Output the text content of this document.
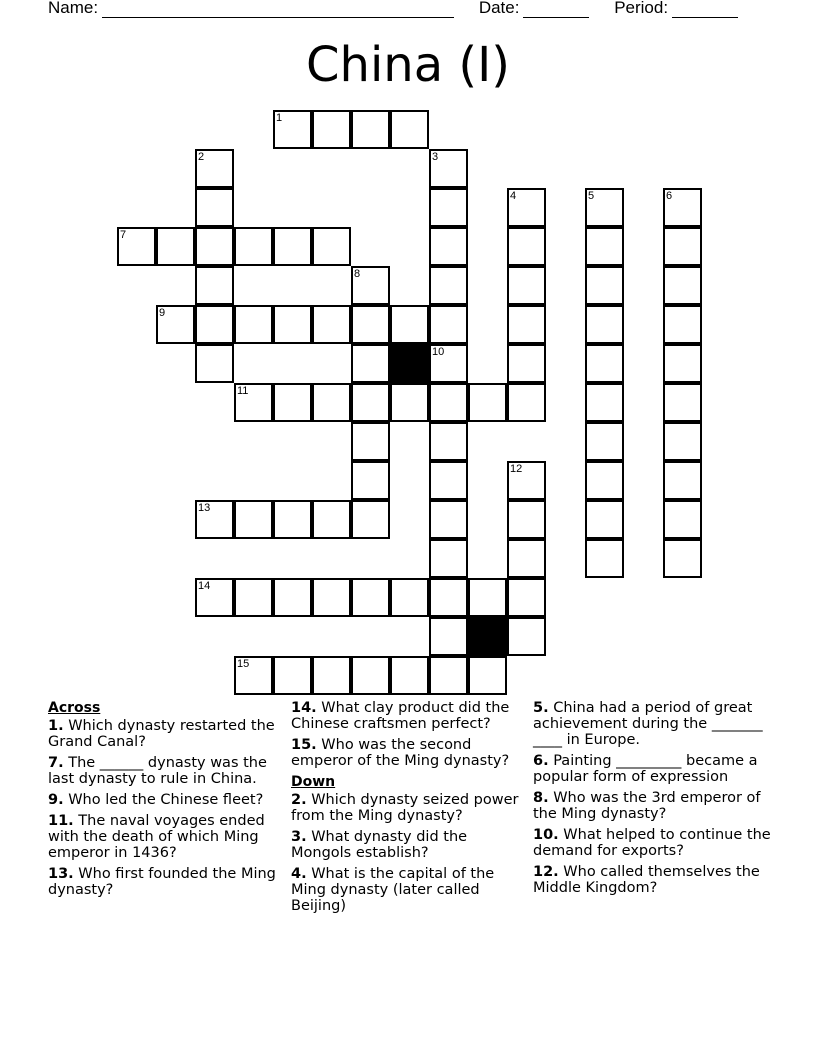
Name:	Date:	Period:
China (I)
1
2	3
4	5	6
7
8
9
10
11
12
13
14
15
Across
1. Which dynasty restarted the Grand Canal?
7. The ______ dynasty was the last dynasty to rule in China.
9. Who led the Chinese fleet?
11. The naval voyages ended with the death of which Ming emperor in 1436?
13. Who first founded the Ming dynasty?
14. What clay product did the Chinese craftsmen perfect?
15. Who was the second emperor of the Ming dynasty?
Down
2. Which dynasty seized power from the Ming dynasty?
3. What dynasty did the Mongols establish?
4. What is the capital of the Ming dynasty (later called Beijing)
5. China had a period of great achievement during the _______ ____ in Europe.
6. Painting _________ became a popular form of expression
8. Who was the 3rd emperor of the Ming dynasty?
10. What helped to continue the demand for exports?
12. Who called themselves the Middle Kingdom?
